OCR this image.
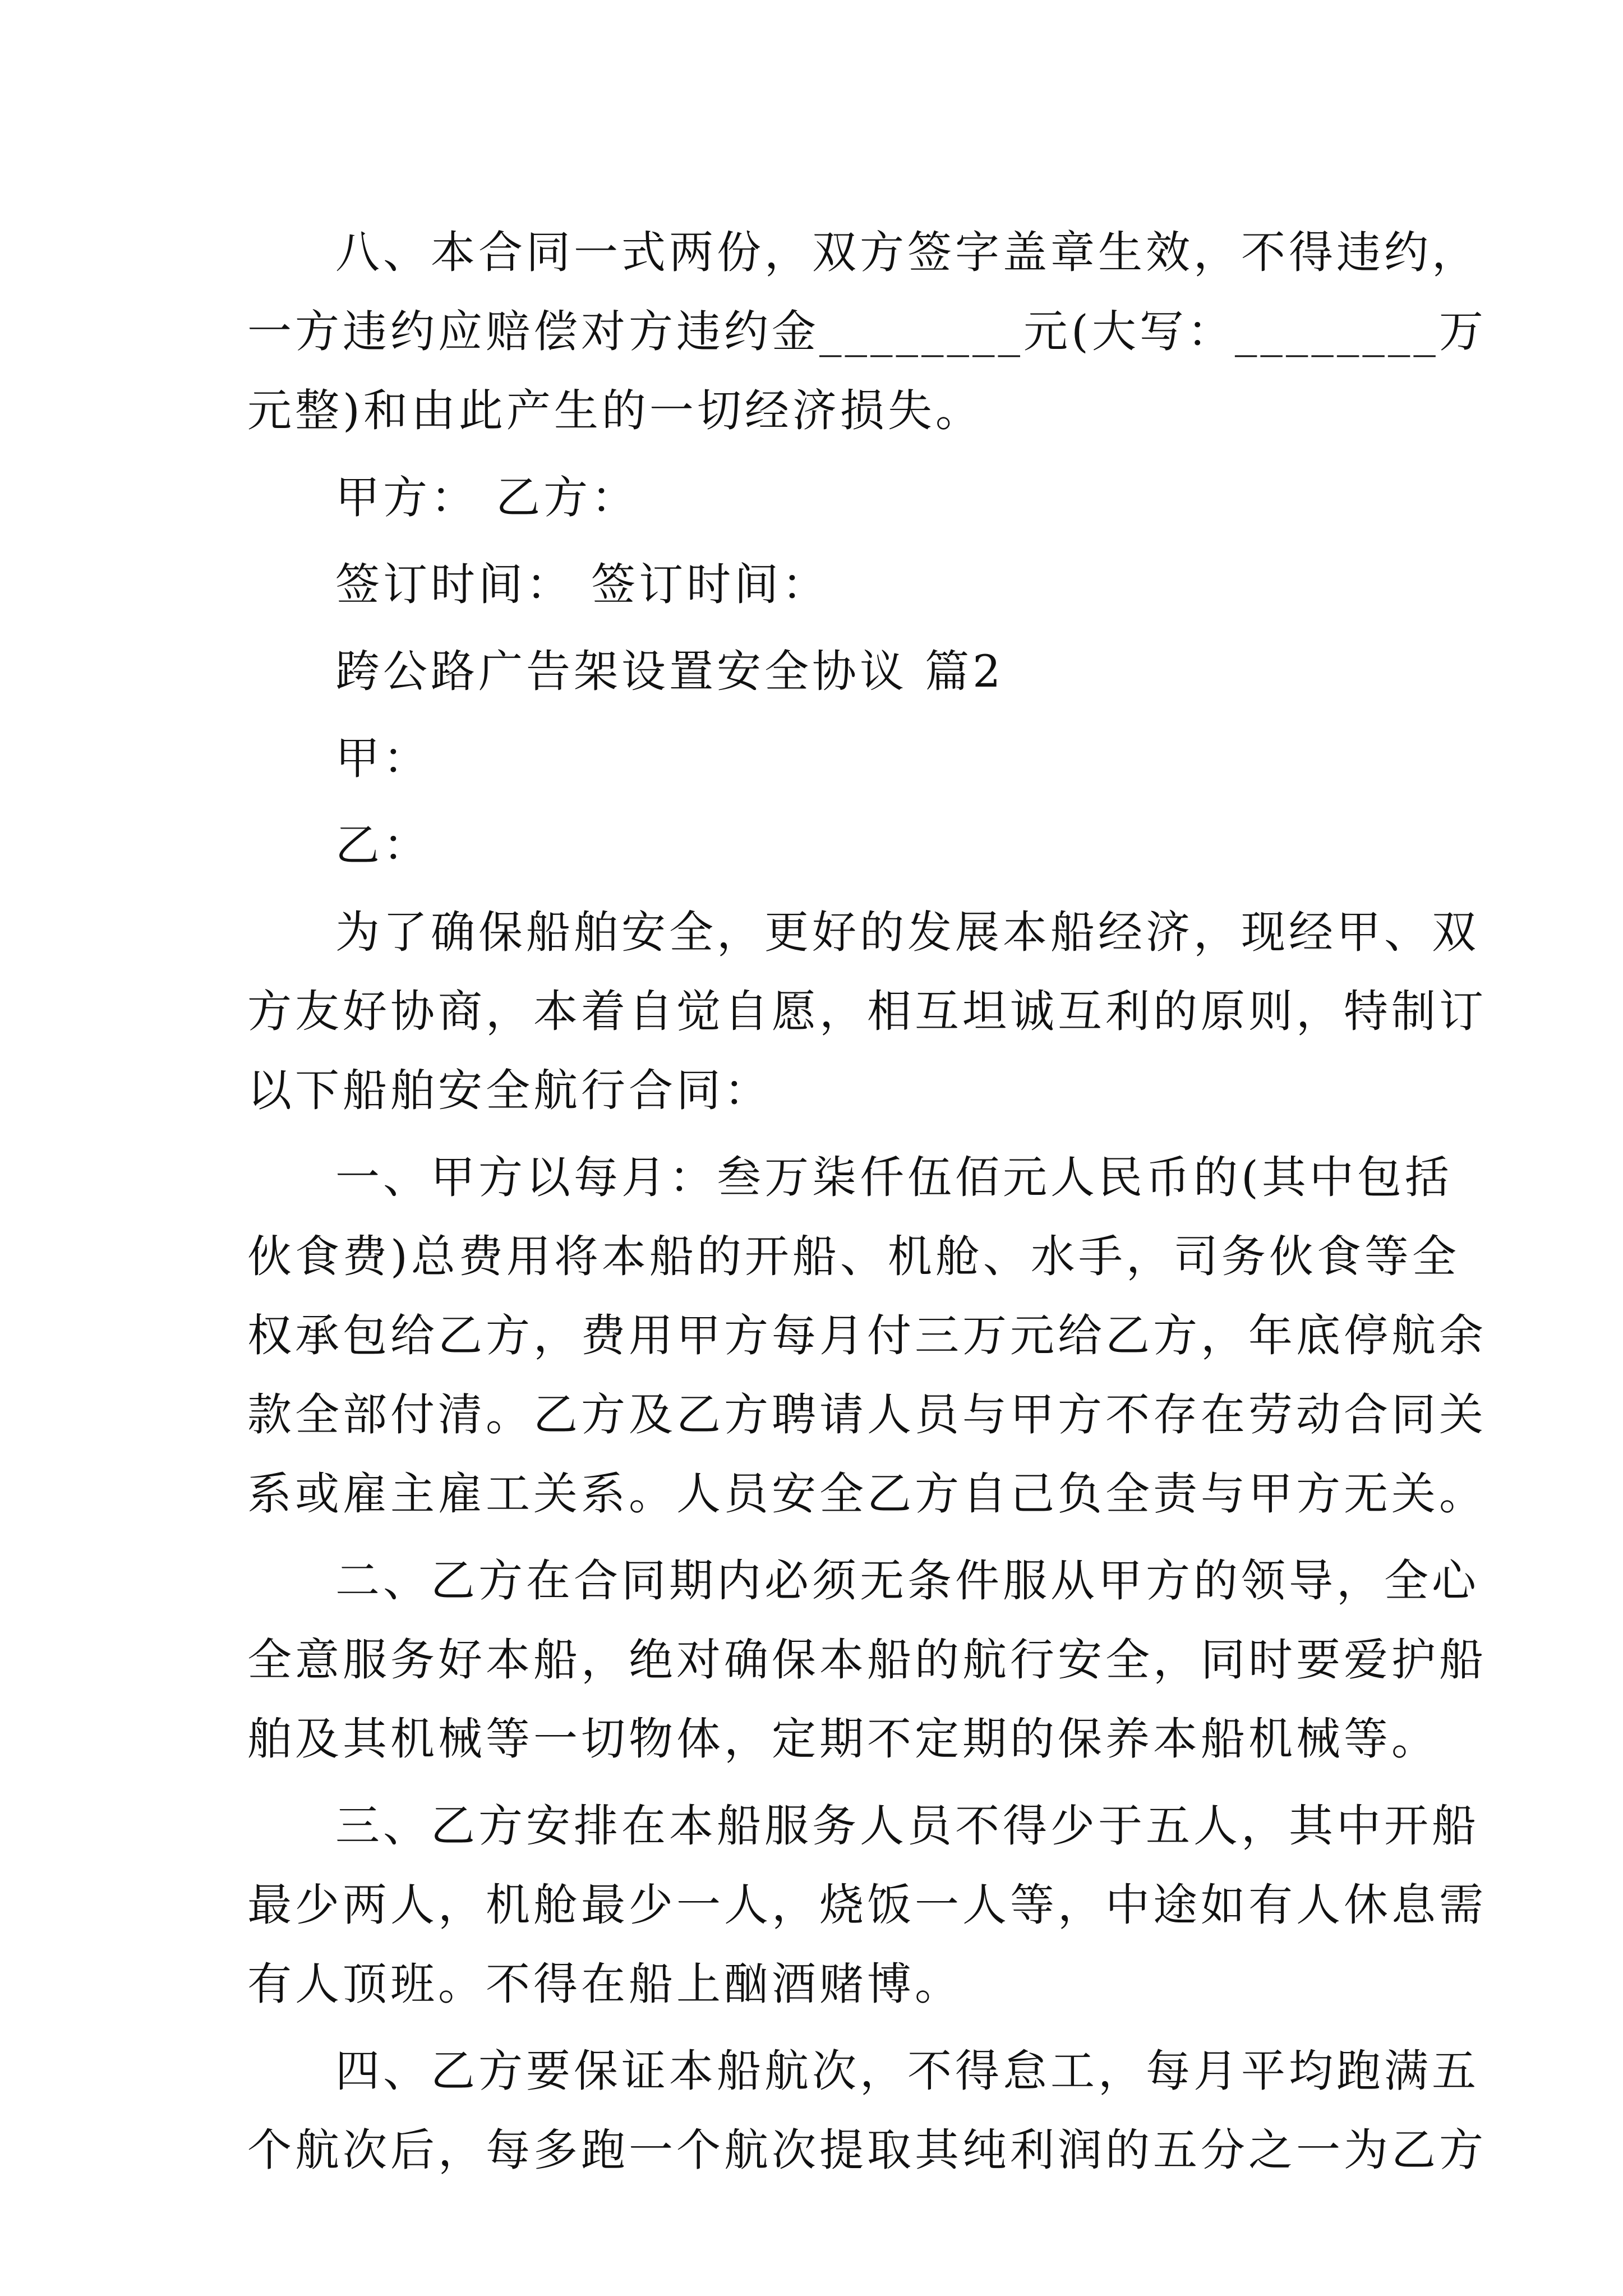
八、本合同一式两份，双方签字盖章生效，不得违约，

一方违约应赔偿对方违约金________元(大写：________万

元整)和由此产生的一切经济损失。

甲方： 乙方：

签订时间： 签订时间：

跨公路广告架设置安全协议 篇2

甲：

乙：

为了确保船舶安全，更好的发展本船经济，现经甲、双

方友好协商，本着自觉自愿，相互坦诚互利的原则，特制订

以下船舶安全航行合同：

一、甲方以每月：叁万柒仟伍佰元人民币的(其中包括

伙食费)总费用将本船的开船、机舱、水手，司务伙食等全

权承包给乙方，费用甲方每月付三万元给乙方，年底停航余

款全部付清。乙方及乙方聘请人员与甲方不存在劳动合同关

系或雇主雇工关系。人员安全乙方自己负全责与甲方无关。

二、乙方在合同期内必须无条件服从甲方的领导，全心

全意服务好本船，绝对确保本船的航行安全，同时要爱护船

舶及其机械等一切物体，定期不定期的保养本船机械等。

三、乙方安排在本船服务人员不得少于五人，其中开船

最少两人，机舱最少一人，烧饭一人等，中途如有人休息需

有人顶班。不得在船上酗酒赌博。

四、乙方要保证本船航次，不得怠工，每月平均跑满五

个航次后，每多跑一个航次提取其纯利润的五分之一为乙方
